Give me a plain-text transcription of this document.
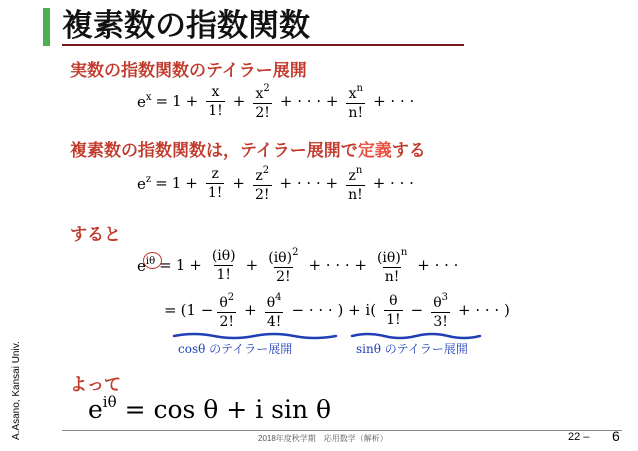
複素数の指数関数
A.Asano, Kansai Univ.
実数の指数関数のテイラー展開
$e^x = 1 + \frac{x}{1!} + \frac{x^2}{2!}$ + · · · + $\frac{x^n}{n!}$ + · · ·
複素数の指数関数は，テイラー展開で定義する
$e^z = 1 + \frac{z}{1!} + \frac{z^2}{2!}$ + · · · + $\frac{z^n}{n!}$ + · · ·
すると
$e^{i\theta} = 1 + \frac{(i\theta)}{1!} + \frac{(i\theta)^2}{2!}$ + · · · + $\frac{(i\theta)^n}{n!}$ + · · ·
= ($1 - \frac{\theta^2}{2!} + \frac{\theta^4}{4!}$ − · · · ) + $i( \frac{\theta}{1!} - \frac{\theta^3}{3!}$ + · · · )
cosθ のテイラー展開	sinθ のテイラー展開
よって
$e^{i\theta} = \cos \theta + i$ sin θ
2018年度秋学期　応用数学（解析）	22 – 6
